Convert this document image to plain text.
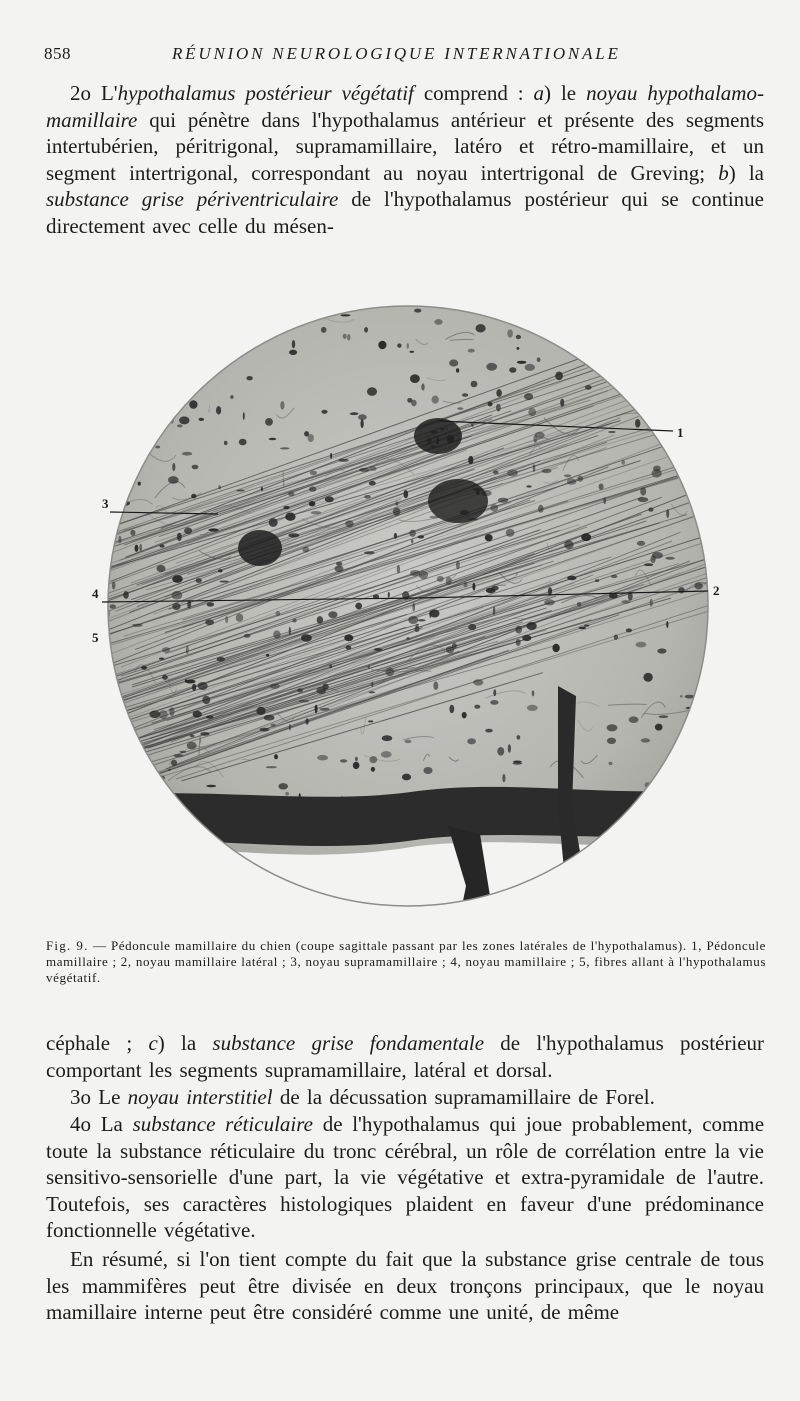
858	RÉUNION NEUROLOGIQUE INTERNATIONALE

2o L'hypothalamus postérieur végétatif comprend : a) le noyau hypothalamo-mamillaire qui pénètre dans l'hypothalamus antérieur et présente des segments intertubérien, péritrigonal, supramamillaire, latéro et rétro-mamillaire, et un segment intertrigonal, correspondant au noyau intertrigonal de Greving; b) la substance grise périventriculaire de l'hypothalamus postérieur qui se continue directement avec celle du mésen-

1
2
3
4
5

Fig. 9. — Pédoncule mamillaire du chien (coupe sagittale passant par les zones latérales de l'hypothalamus). 1, Pédoncule mamillaire ; 2, noyau mamillaire latéral ; 3, noyau supramamillaire ; 4, noyau mamillaire ; 5, fibres allant à l'hypothalamus végétatif.

céphale ; c) la substance grise fondamentale de l'hypothalamus postérieur comportant les segments supramamillaire, latéral et dorsal.

3o Le noyau interstitiel de la décussation supramamillaire de Forel.

4o La substance réticulaire de l'hypothalamus qui joue probablement, comme toute la substance réticulaire du tronc cérébral, un rôle de corrélation entre la vie sensitivo-sensorielle d'une part, la vie végétative et extra-pyramidale de l'autre. Toutefois, ses caractères histologiques plaident en faveur d'une prédominance fonctionnelle végétative.

En résumé, si l'on tient compte du fait que la substance grise centrale de tous les mammifères peut être divisée en deux tronçons principaux, que le noyau mamillaire interne peut être considéré comme une unité, de même
